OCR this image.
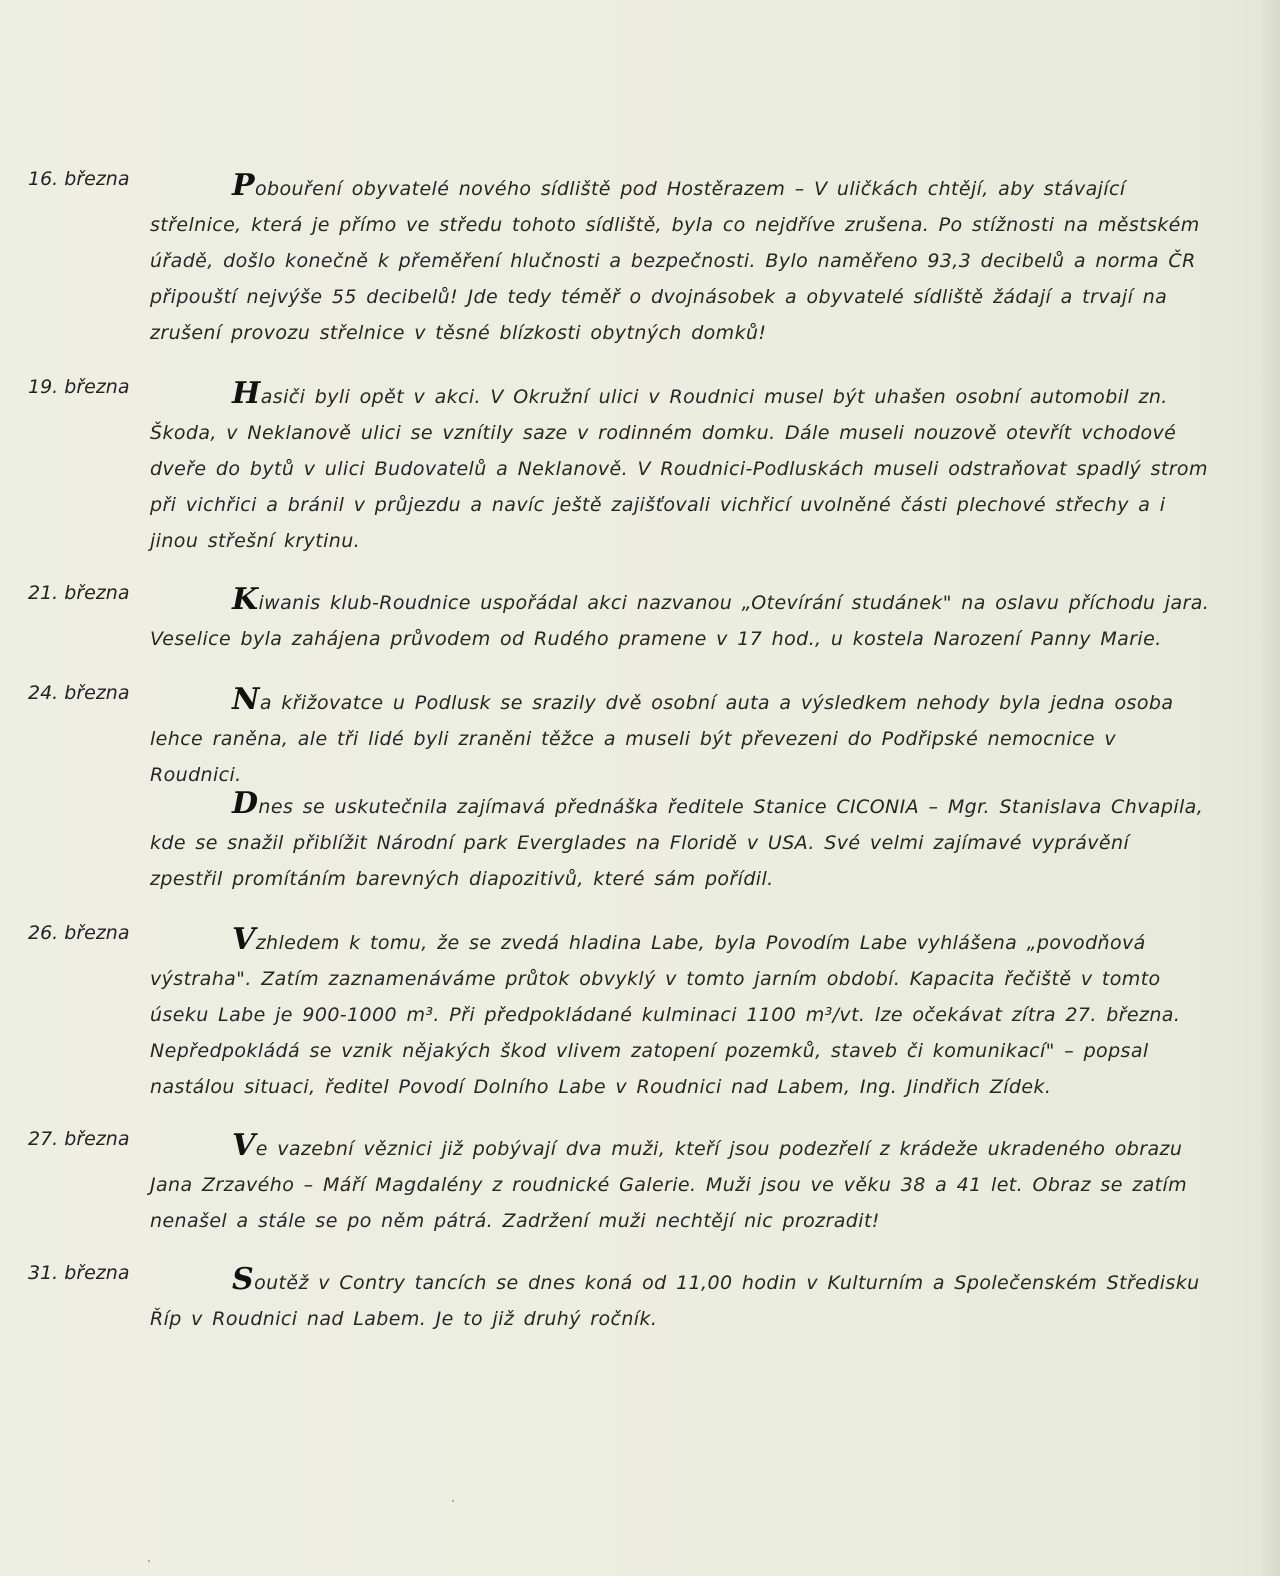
16. března	Pobouření obyvatelé nového sídliště pod Hostěrazem – V uličkách chtějí, aby stávající střelnice, která je přímo ve středu tohoto sídliště, byla co nejdříve zrušena. Po stížnosti na městském úřadě, došlo konečně k přeměření hlučnosti a bezpečnosti. Bylo naměřeno 93,3 decibelů a norma ČR připouští nejvýše 55 decibelů! Jde tedy téměř o dvojnásobek a obyvatelé sídliště žádají a trvají na zrušení provozu střelnice v těsné blízkosti obytných domků!
19. března	Hasiči byli opět v akci. V Okružní ulici v Roudnici musel být uhašen osobní automobil zn. Škoda, v Neklanově ulici se vznítily saze v rodinném domku. Dále museli nouzově otevřít vchodové dveře do bytů v ulici Budovatelů a Neklanově. V Roudnici-Podluskách museli odstraňovat spadlý strom při vichřici a bránil v průjezdu a navíc ještě zajišťovali vichřicí uvolněné části plechové střechy a i jinou střešní krytinu.
21. března	Kiwanis klub-Roudnice uspořádal akci nazvanou „Otevírání studánek" na oslavu příchodu jara. Veselice byla zahájena průvodem od Rudého pramene v 17 hod., u kostela Narození Panny Marie.
24. března	Na křižovatce u Podlusk se srazily dvě osobní auta a výsledkem nehody byla jedna osoba lehce raněna, ale tři lidé byli zraněni těžce a museli být převezeni do Podřipské nemocnice v Roudnici.
Dnes se uskutečnila zajímavá přednáška ředitele Stanice CICONIA – Mgr. Stanislava Chvapila, kde se snažil přiblížit Národní park Everglades na Floridě v USA. Své velmi zajímavé vyprávění zpestřil promítáním barevných diapozitivů, které sám pořídil.
26. března	Vzhledem k tomu, že se zvedá hladina Labe, byla Povodím Labe vyhlášena „povodňová výstraha". Zatím zaznamenáváme průtok obvyklý v tomto jarním období. Kapacita řečiště v tomto úseku Labe je 900-1000 m³. Při předpokládané kulminaci 1100 m³/vt. lze očekávat zítra 27. března. Nepředpokládá se vznik nějakých škod vlivem zatopení pozemků, staveb či komunikací" – popsal nastálou situaci, ředitel Povodí Dolního Labe v Roudnici nad Labem, Ing. Jindřich Zídek.
27. března	Ve vazební věznici již pobývají dva muži, kteří jsou podezřelí z krádeže ukradeného obrazu Jana Zrzavého – Máří Magdalény z roudnické Galerie. Muži jsou ve věku 38 a 41 let. Obraz se zatím nenašel a stále se po něm pátrá. Zadržení muži nechtějí nic prozradit!
31. března	Soutěž v Contry tancích se dnes koná od 11,00 hodin v Kulturním a Společenském Středisku Říp v Roudnici nad Labem. Je to již druhý ročník.
